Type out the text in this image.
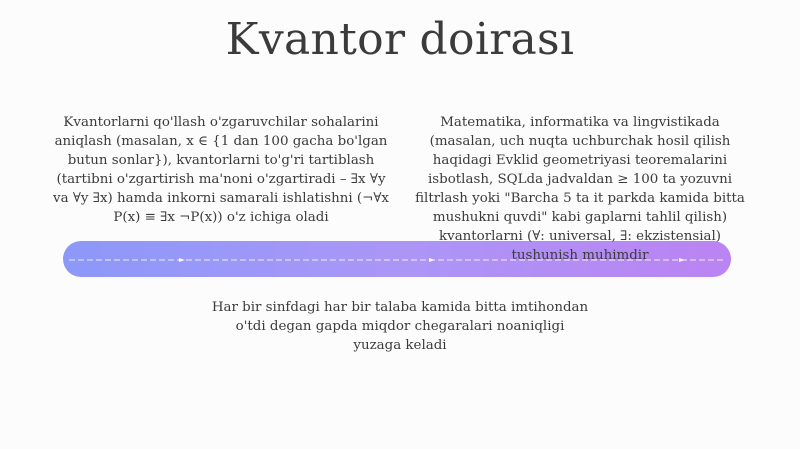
Kvantor doirası
Kvantorlarni qo'llash o'zgaruvchilar sohalarini aniqlash (masalan, x ∈ {1 dan 100 gacha bo'lgan butun sonlar}), kvantorlarni to'g'ri tartiblash (tartibni o'zgartirish ma'noni o'zgartiradi – ∃x ∀y va ∀y ∃x) hamda inkorni samarali ishlatishni (¬∀x P(x) ≡ ∃x ¬P(x)) o'z ichiga oladi
Matematika, informatika va lingvistikada (masalan, uch nuqta uchburchak hosil qilish haqidagi Evklid geometriyasi teoremalarini isbotlash, SQLda jadvaldan ≥ 100 ta yozuvni filtrlash yoki "Barcha 5 ta it parkda kamida bitta mushukni quvdi" kabi gaplarni tahlil qilish) kvantorlarni (∀: universal, ∃: ekzistensial) tushunish muhimdir
Har bir sinfdagi har bir talaba kamida bitta imtihondan o'tdi degan gapda miqdor chegaralari noaniqligi yuzaga keladi
